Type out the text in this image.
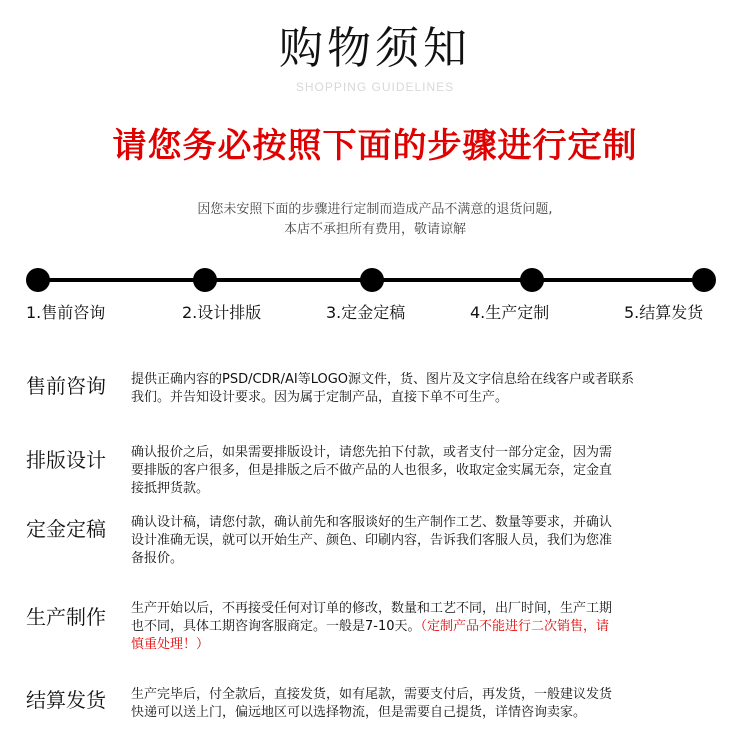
购物须知
SHOPPING GUIDELINES
请您务必按照下面的步骤进行定制
因您未安照下面的步骤进行定制而造成产品不满意的退货问题,
本店不承担所有费用，敬请谅解
1.售前咨询	2.设计排版	3.定金定稿	4.生产定制	5.结算发货
售前咨询 提供正确内容的PSD/CDR/AI等LOGO源文件，货、图片及文字信息给在线客户或者联系
我们。并告知设计要求。因为属于定制产品，直接下单不可生产。
排版设计 确认报价之后，如果需要排版设计，请您先拍下付款，或者支付一部分定金，因为需
要排版的客户很多，但是排版之后不做产品的人也很多，收取定金实属无奈，定金直
接抵押货款。
定金定稿 确认设计稿，请您付款，确认前先和客服谈好的生产制作工艺、数量等要求，并确认
设计准确无误，就可以开始生产、颜色、印刷内容，告诉我们客服人员，我们为您准
备报价。
生产制作 生产开始以后，不再接受任何对订单的修改，数量和工艺不同，出厂时间，生产工期
也不同，具体工期咨询客服商定。一般是7-10天。（定制产品不能进行二次销售，请
慎重处理！）
结算发货 生产完毕后，付全款后，直接发货，如有尾款，需要支付后，再发货，一般建议发货
快递可以送上门，偏远地区可以选择物流，但是需要自己提货，详情咨询卖家。
